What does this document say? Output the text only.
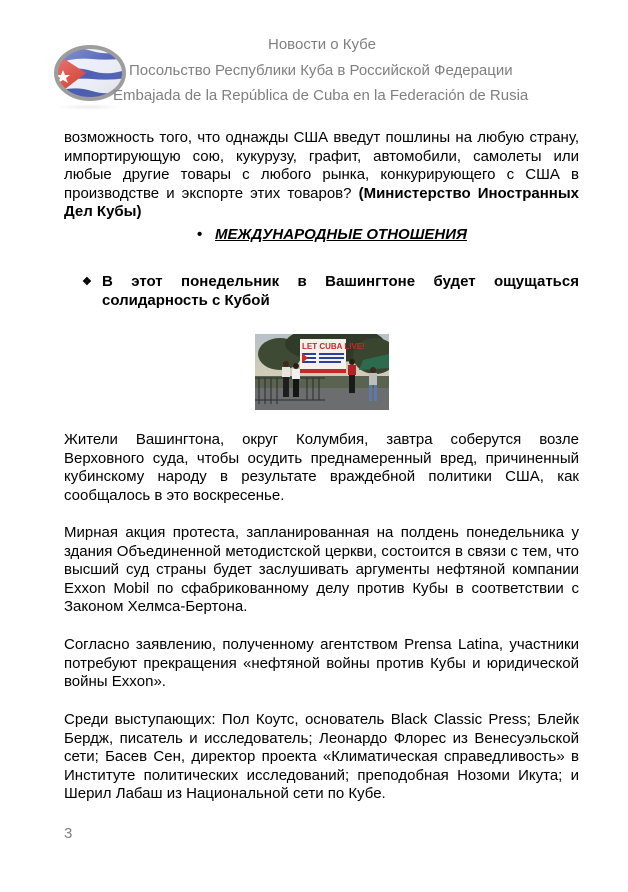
Новости о Кубе
Посольство Республики Куба в Российской Федерации
Embajada de la República de Cuba en la Federación de Rusia
возможность того, что однажды США введут пошлины на любую страну, импортирующую сою, кукурузу, графит, автомобили, самолеты или любые другие товары с любого рынка, конкурирующего с США в производстве и экспорте этих товаров? (Министерство Иностранных Дел Кубы)
• МЕЖДУНАРОДНЫЕ ОТНОШЕНИЯ
❖ В этот понедельник в Вашингтоне будет ощущаться солидарность с Кубой
LET CUBA LIVE!
Жители Вашингтона, округ Колумбия, завтра соберутся возле Верховного суда, чтобы осудить преднамеренный вред, причиненный кубинскому народу в результате враждебной политики США, как сообщалось в это воскресенье.
Мирная акция протеста, запланированная на полдень понедельника у здания Объединенной методистской церкви, состоится в связи с тем, что высший суд страны будет заслушивать аргументы нефтяной компании Exxon Mobil по сфабрикованному делу против Кубы в соответствии с Законом Хелмса-Бертона.
Согласно заявлению, полученному агентством Prensa Latina, участники потребуют прекращения «нефтяной войны против Кубы и юридической войны Exxon».
Среди выступающих: Пол Коутс, основатель Black Classic Press; Блейк Бердж, писатель и исследователь; Леонардо Флорес из Венесуэльской сети; Басев Сен, директор проекта «Климатическая справедливость» в Институте политических исследований; преподобная Нозоми Икута; и Шерил Лабаш из Национальной сети по Кубе.
3
